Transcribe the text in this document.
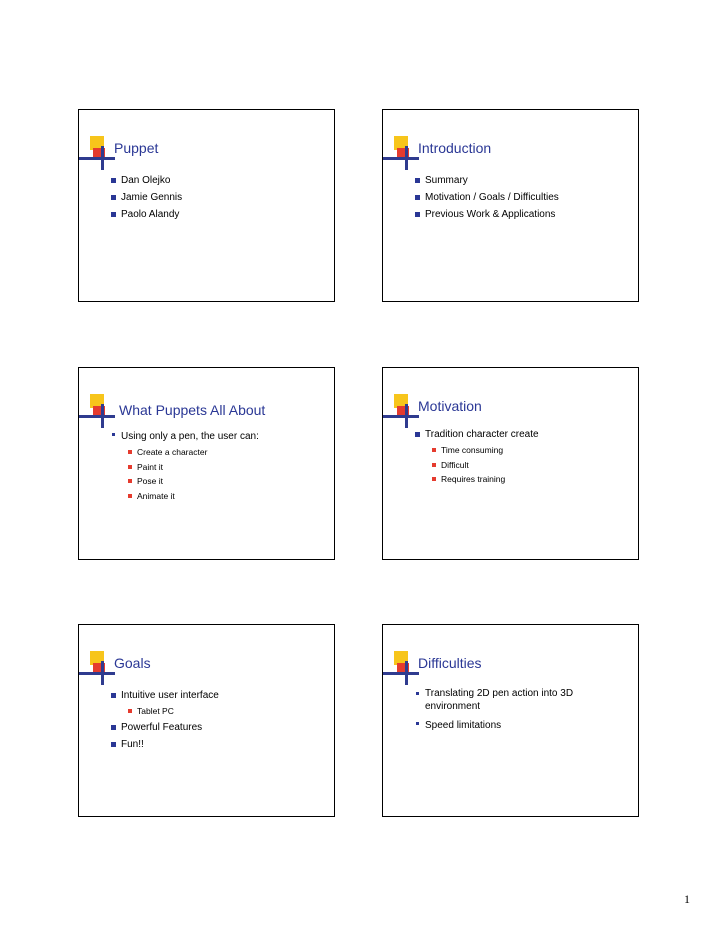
Puppet
Dan Olejko
Jamie Gennis
Paolo Alandy
Introduction
Summary
Motivation / Goals / Difficulties
Previous Work & Applications
What Puppets All About
Using only a pen, the user can:
Create a character
Paint it
Pose it
Animate it
Motivation
Tradition character create
Time consuming
Difficult
Requires training
Goals
Intuitive user interface
Tablet PC
Powerful Features
Fun!!
Difficulties
Translating 2D pen action into 3D environment
Speed limitations
1
